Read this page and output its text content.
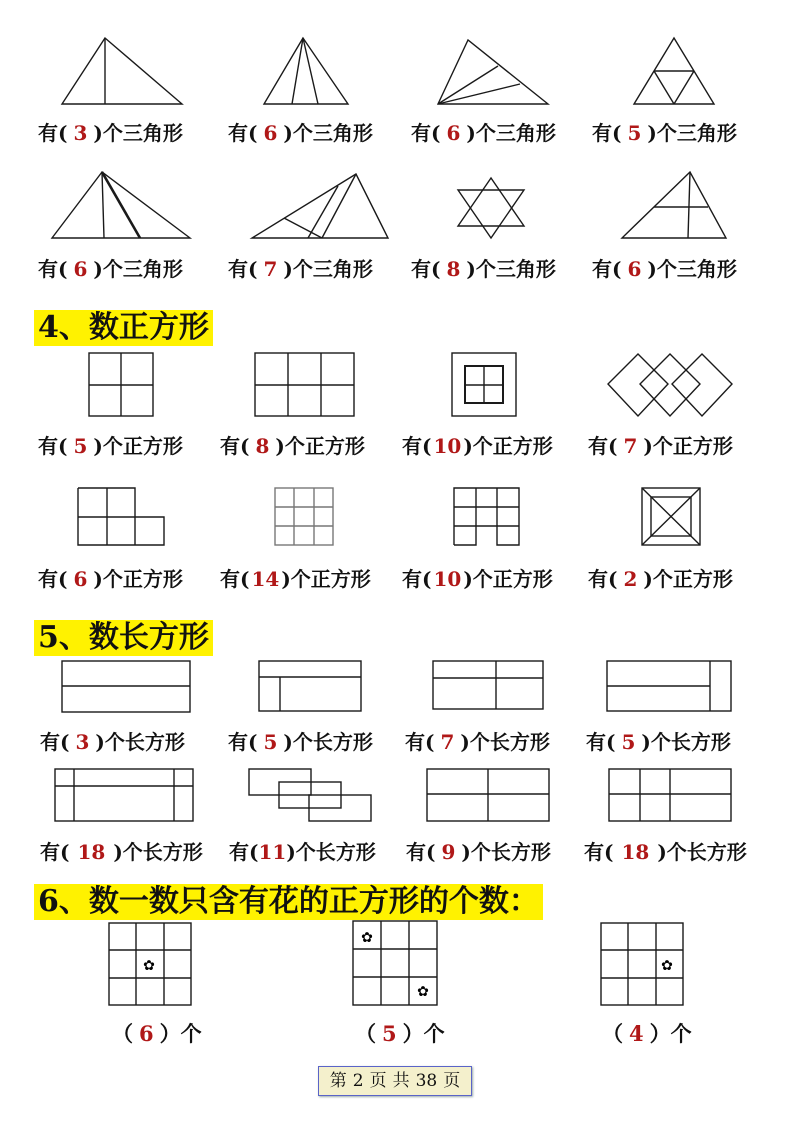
有( 3 )个三角形 有( 6 )个三角形 有( 6 )个三角形 有( 5 )个三角形
有( 6 )个三角形 有( 7 )个三角形 有( 8 )个三角形 有( 6 )个三角形
4、数正方形
有( 5 )个正方形 有( 8 )个正方形 有( 10 )个正方形 有( 7 )个正方形
有( 6 )个正方形 有( 14 )个正方形 有( 10 )个正方形 有( 2 )个正方形
5、数长方形
有( 3 )个长方形 有( 5 )个长方形 有( 7 )个长方形 有( 5 )个长方形
有( 18 )个长方形 有(11)个长方形 有( 9 )个长方形 有( 18 )个长方形
6、数一数只含有花的正方形的个数：
✿
✿
✿
✿
（ 6 ）个	（ 5 ）个	（ 4 ）个
第 2 页 共 38 页
